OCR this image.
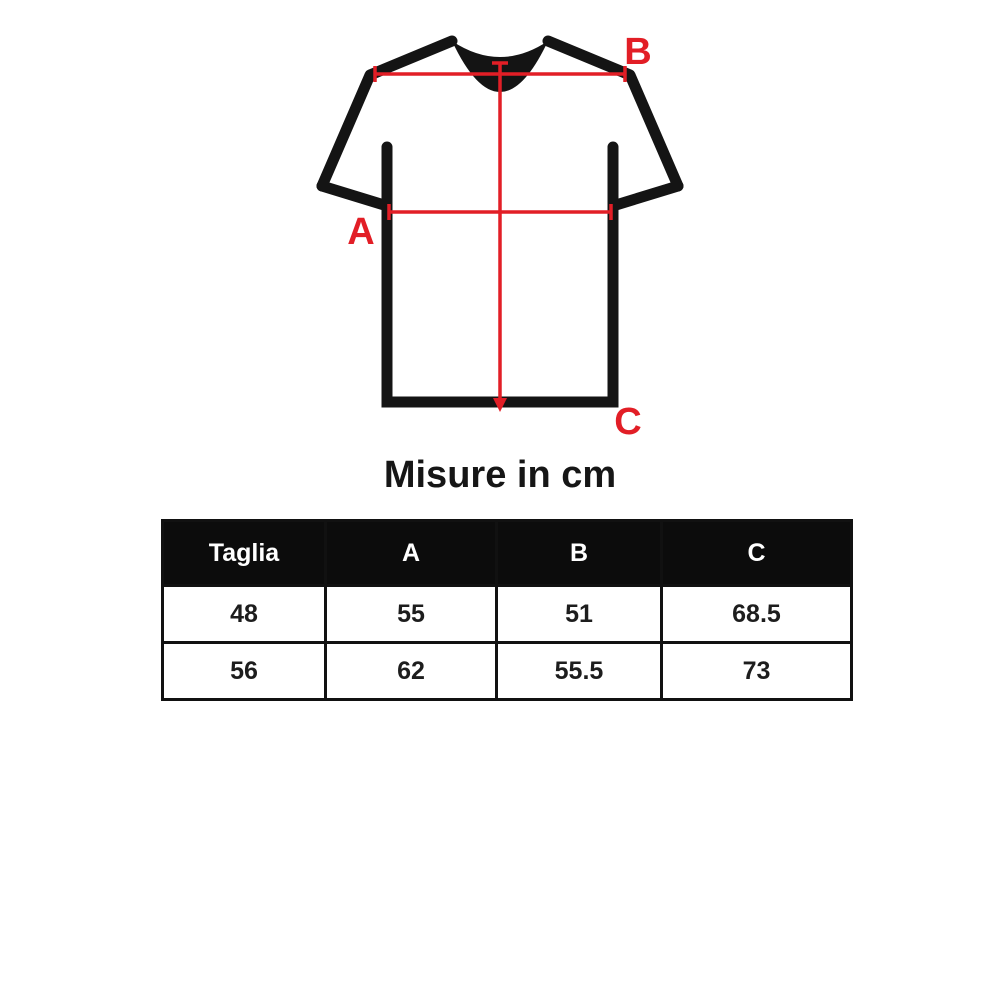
A
B
C
Misure in cm
Taglia	A	B	C
48	55	51	68.5
56	62	55.5	73
